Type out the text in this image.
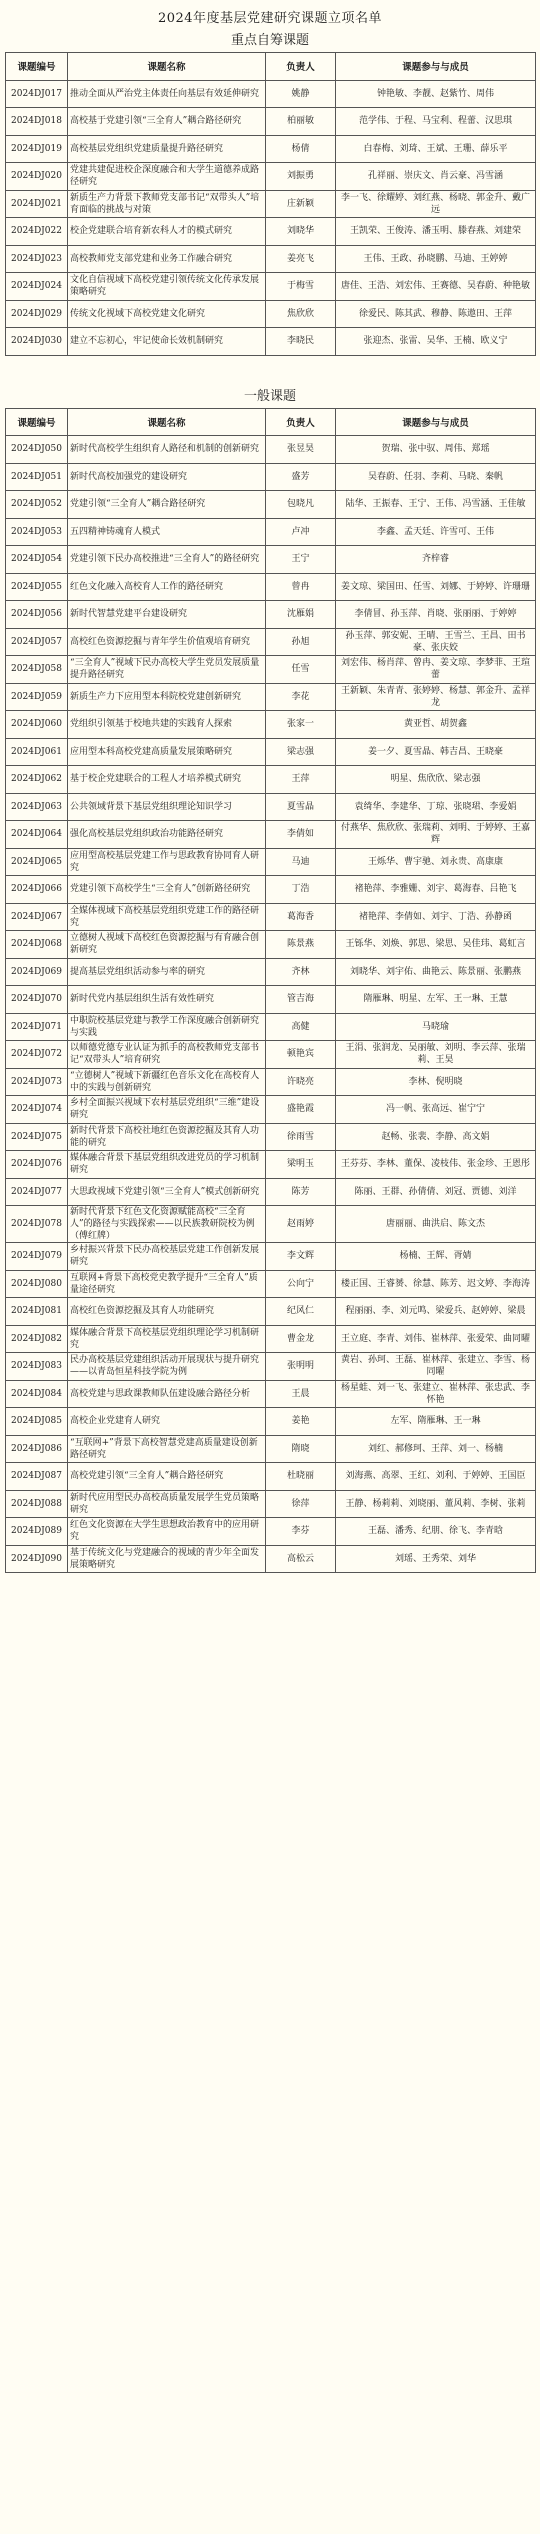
2024年度基层党建研究课题立项名单
重点自筹课题
课题编号	课题名称	负责人	课题参与与成员
2024DJ017	推动全面从严治党主体责任向基层有效延伸研究	姚静	钟艳敏、李靓、赵紫竹、周伟
2024DJ018	高校基于党建引领“三全育人”耦合路径研究	柏丽敏	范学伟、于程、马宝利、程蕾、汉思琪
2024DJ019	高校基层党组织党建质量提升路径研究	杨倩	白春梅、刘琦、王斌、王珊、薛乐平
2024DJ020	党建共建促进校企深度融合和大学生道德养成路径研究	刘振勇	孔祥丽、崇庆文、肖云豪、冯雪涵
2024DJ021	新质生产力背景下教师党支部书记“双带头人”培育面临的挑战与对策	庄新颖	李一飞、徐耀婷、刘红燕、杨晓、郭金升、戴广远
2024DJ022	校企党建联合培育新农科人才的模式研究	刘晓华	王凯荣、王俊涛、潘玉明、滕春燕、刘建荣
2024DJ023	高校教师党支部党建和业务工作融合研究	姜亮飞	王伟、王政、孙晓鹏、马迪、王婷婷
2024DJ024	文化自信视域下高校党建引领传统文化传承发展策略研究	于梅雪	唐佳、王浩、刘宏伟、王赛德、吴春蔚、种艳敏
2024DJ029	传统文化视域下高校党建文化研究	焦欣欣	徐爱民、陈其武、穆静、陈遨田、王萍
2024DJ030	建立不忘初心，牢记使命长效机制研究	李晓民	张迎杰、张雷、吴华、王楠、欧义宁
一般课题
课题编号	课题名称	负责人	课题参与与成员
2024DJ050	新时代高校学生组织育人路径和机制的创新研究	张昱昊	贺瑞、张中驭、周伟、郑瑶
2024DJ051	新时代高校加强党的建设研究	盛芳	吴春蔚、任羽、李莉、马晓、秦帆
2024DJ052	党建引领“三全育人”耦合路径研究	包晓凡	陆华、王振春、王宁、王伟、冯雪涵、王佳敏
2024DJ053	五四精神铸魂育人模式	卢冲	李鑫、孟天廷、许雪可、王伟
2024DJ054	党建引领下民办高校推进“三全育人”的路径研究	王宁	齐梓睿
2024DJ055	红色文化融入高校育人工作的路径研究	曾冉	姜文琼、梁国田、任雪、刘娜、于婷婷、许珊珊
2024DJ056	新时代智慧党建平台建设研究	沈雁娟	李倩冒、孙玉萍、肖晓、张丽丽、于婷婷
2024DJ057	高校红色资源挖掘与青年学生价值观培育研究	孙旭	孙玉萍、郭安妮、王晴、王雪兰、王昌、田书豪、张庆姣
2024DJ058	“三全育人”视域下民办高校大学生党员发展质量提升路径研究	任雪	刘宏伟、杨肖萍、曾冉、姜文琼、李梦菲、王瑄蕾
2024DJ059	新质生产力下应用型本科院校党建创新研究	李花	王新颖、朱青青、张婷婷、杨慧、郭金升、孟祥龙
2024DJ060	党组织引领基于校地共建的实践育人探索	张家一	黄亚哲、胡贺鑫
2024DJ061	应用型本科高校党建高质量发展策略研究	梁志强	姜一夕、夏雪晶、韩吉昌、王晓豪
2024DJ062	基于校企党建联合的工程人才培养模式研究	王萍	明星、焦欣欣、梁志强
2024DJ063	公共领域背景下基层党组织理论知识学习	夏雪晶	袁绮华、李建华、丁琼、张晓珺、李爱娟
2024DJ064	强化高校基层党组织政治功能路径研究	李倩如	付燕华、焦欣欣、张瑞莉、刘明、于婷婷、王嘉辉
2024DJ065	应用型高校基层党建工作与思政教育协同育人研究	马迪	王烁华、曹宇驰、刘永贵、高康康
2024DJ066	党建引领下高校学生“三全育人”创新路径研究	丁浩	褚艳萍、李雅姗、刘宇、葛海春、吕艳飞
2024DJ067	全媒体视域下高校基层党组织党建工作的路径研究	葛海香	褚艳萍、李倩如、刘宇、丁浩、孙静函
2024DJ068	立德树人视域下高校红色资源挖掘与有育融合创新研究	陈景燕	王铄华、刘焕、郭思、梁思、吴佳玮、葛虹言
2024DJ069	提高基层党组织活动参与率的研究	齐林	刘晓华、刘宇佑、曲艳云、陈景丽、张鹏燕
2024DJ070	新时代党内基层组织生活有效性研究	管吉海	隋雁琳、明星、左军、王一琳、王慧
2024DJ071	中职院校基层党建与教学工作深度融合创新研究与实践	高健	马晓瑜
2024DJ072	以师德党德专业认证为抓手的高校教师党支部书记“双带头人”培育研究	顿艳宾	王涓、张润龙、吴丽敏、刘明、李云萍、张瑞莉、王昊
2024DJ073	“立德树人”视域下新疆红色音乐文化在高校育人中的实践与创新研究	许晓亮	李林、倪明晓
2024DJ074	乡村全面振兴视域下农村基层党组织“三维”建设研究	盛艳霞	冯一帆、张高远、崔宁宁
2024DJ075	新时代背景下高校社地红色资源挖掘及其育人功能的研究	徐雨雪	赵畅、张裴、李静、高文娟
2024DJ076	媒体融合背景下基层党组织改进党员的学习机制研究	梁明玉	王芬芬、李林、董保、凌枝伟、张金珍、王恩彤
2024DJ077	大思政视域下党建引领“三全育人”模式创新研究	陈芳	陈丽、王群、孙倩倩、刘冠、贾德、刘洋
2024DJ078	新时代背景下红色文化资源赋能高校“三全育人”的路径与实践探索——以民族教研院校为例（傅红牌）	赵雨婷	唐丽丽、曲洪启、陈文杰
2024DJ079	乡村振兴背景下民办高校基层党建工作创新发展研究	李文辉	杨楠、王辉、胥婧
2024DJ080	互联网+背景下高校党史教学提升“三全育人”质量途径研究	公向宁	楼正国、王睿赟、徐慧、陈芳、迟文婷、李海涛
2024DJ081	高校红色资源挖掘及其育人功能研究	纪风仁	程丽丽、李、刘元鸣、梁爱兵、赵婷婷、梁晨
2024DJ082	媒体融合背景下高校基层党组织理论学习机制研究	曹金龙	王立庭、李青、刘伟、崔林萍、张爱荣、曲同曜
2024DJ083	民办高校基层党建组织活动开展现状与提升研究——以青岛恒星科技学院为例	张明明	黄岩、孙珂、王磊、崔林萍、张建立、李雪、杨同曜
2024DJ084	高校党建与思政课教师队伍建设融合路径分析	王晨	杨星蛙、刘一飞、张建立、崔林萍、张忠武、李怀艳
2024DJ085	高校企业党建育人研究	姜艳	左军、隋雁琳、王一琳
2024DJ086	“互联网+”背景下高校智慧党建高质量建设创新路径研究	隋晓	刘红、郝修珂、王萍、刘一、杨楠
2024DJ087	高校党建引领“三全育人”耦合路径研究	杜晓丽	刘海燕、高翠、王红、刘利、于婷婷、王国臣
2024DJ088	新时代应用型民办高校高质量发展学生党员策略研究	徐萍	王静、杨莉莉、刘晓丽、董风莉、李树、张莉
2024DJ089	红色文化资源在大学生思想政治教育中的应用研究	李芬	王磊、潘秀、纪朋、徐飞、李青晗
2024DJ090	基于传统文化与党建融合的视域的青少年全面发展策略研究	高松云	刘瑶、王秀荣、刘华
